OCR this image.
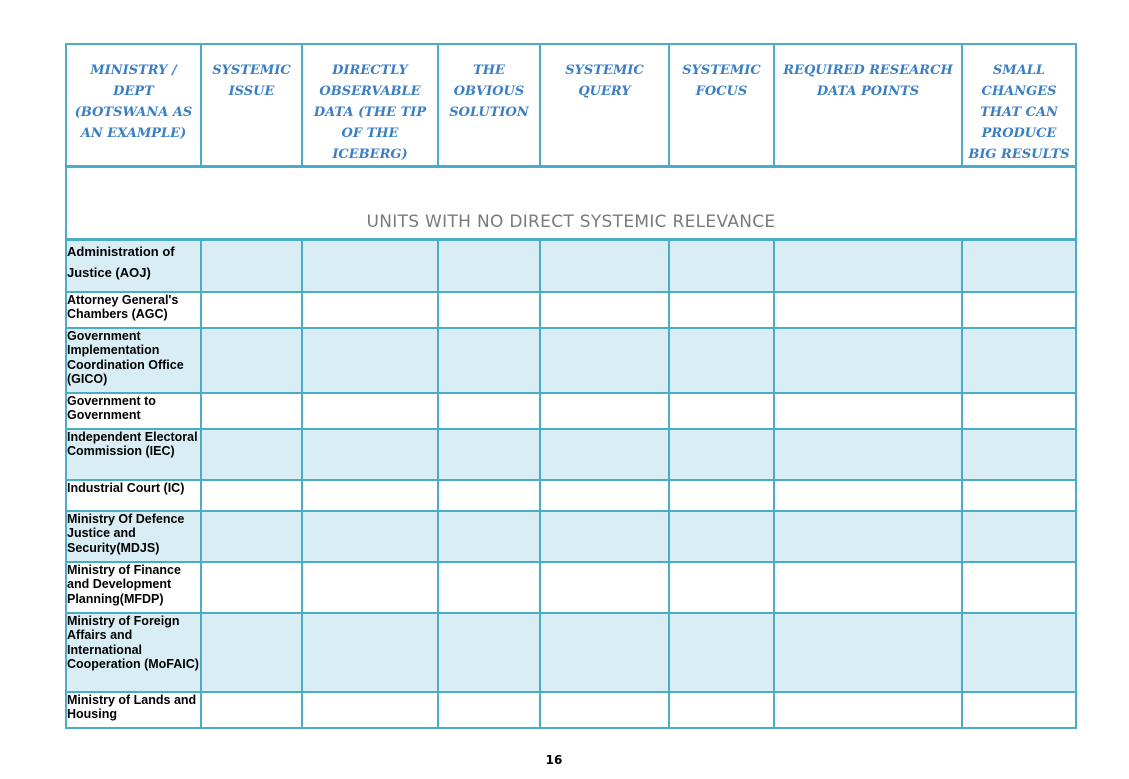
MINISTRY / DEPT (BOTSWANA AS AN EXAMPLE)	SYSTEMIC ISSUE	DIRECTLY OBSERVABLE DATA (THE TIP OF THE ICEBERG)	THE OBVIOUS SOLUTION	SYSTEMIC QUERY	SYSTEMIC FOCUS	REQUIRED RESEARCH DATA POINTS	SMALL CHANGES THAT CAN PRODUCE BIG RESULTS
UNITS WITH NO DIRECT SYSTEMIC RELEVANCE							
Administration of Justice (AOJ)							
Attorney General's Chambers (AGC)							
Government Implementation Coordination Office (GICO)							
Government to Government							
Independent Electoral Commission (IEC)							
Industrial Court (IC)							
Ministry Of Defence Justice and Security(MDJS)							
Ministry of Finance and Development Planning(MFDP)							
Ministry of Foreign Affairs and International Cooperation (MoFAIC)							
Ministry of Lands and Housing							
16
